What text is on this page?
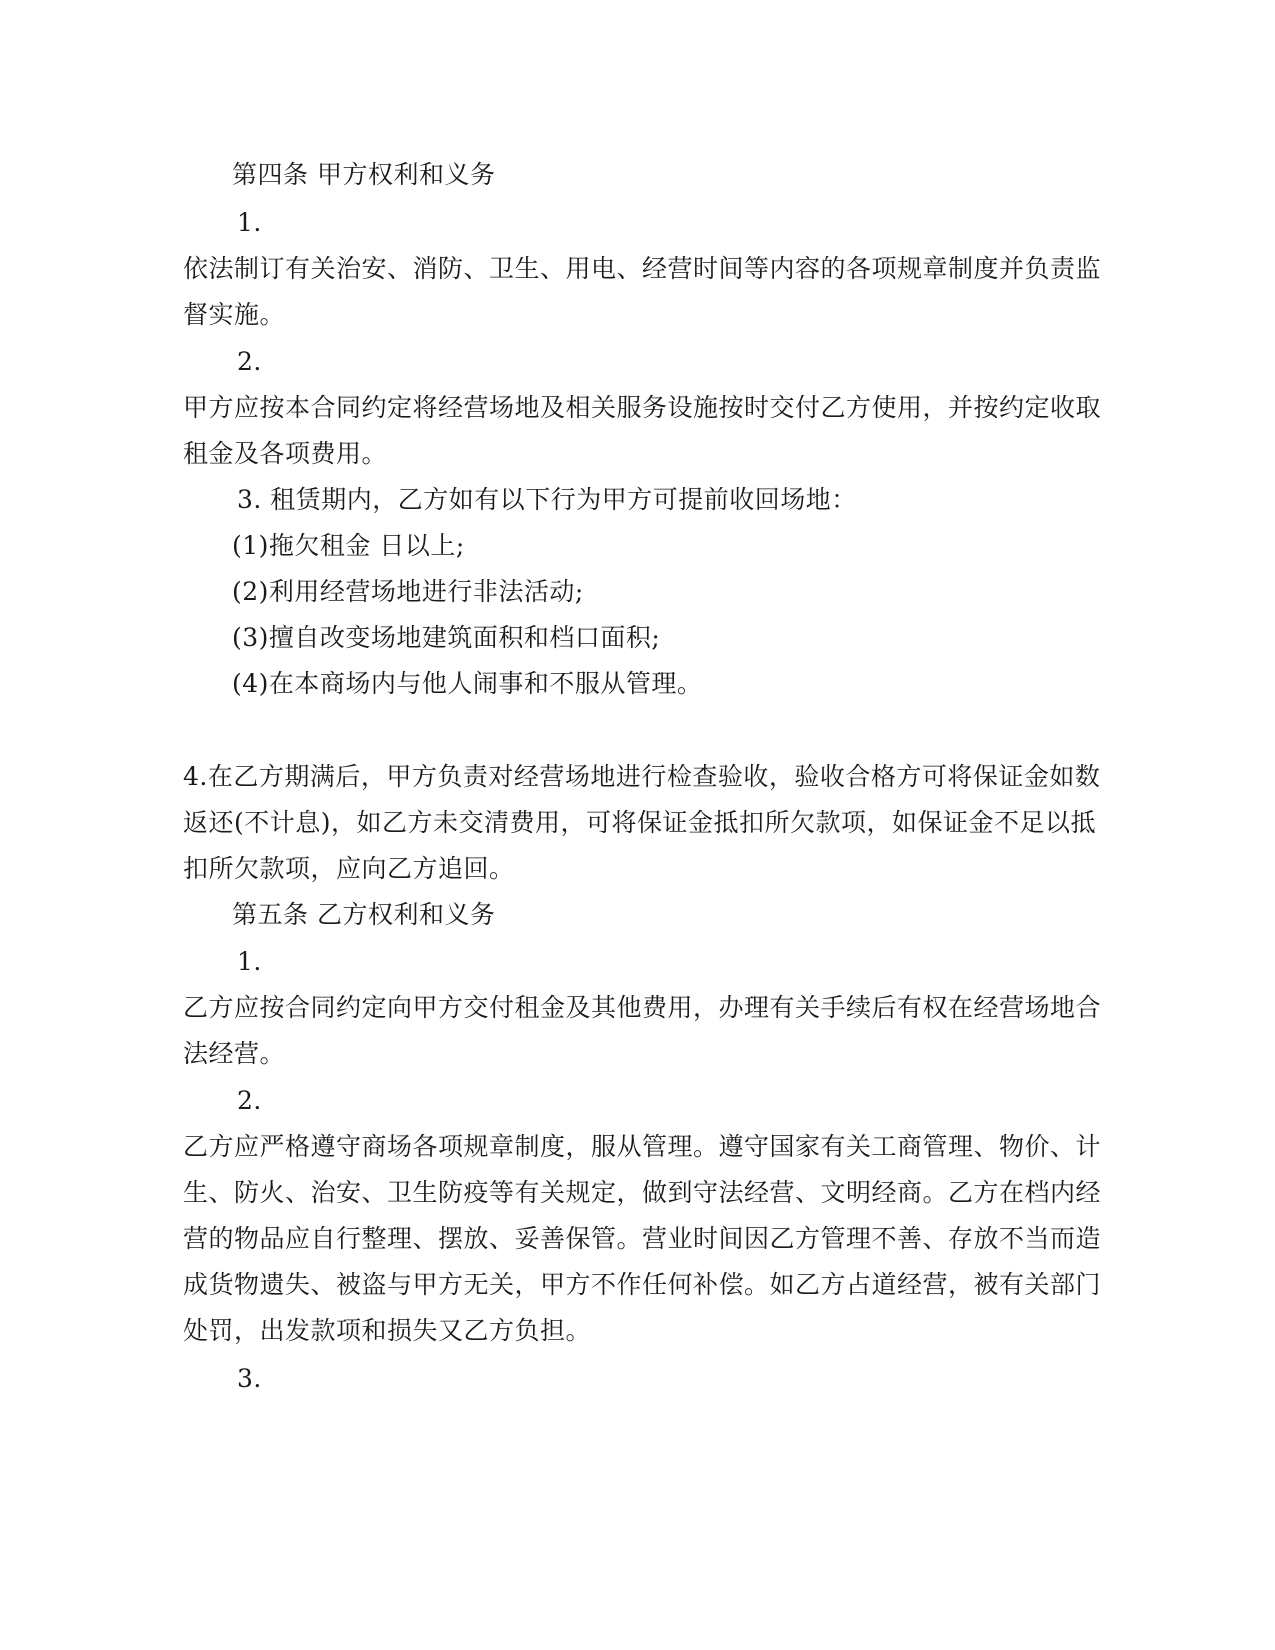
第四条 甲方权利和义务
1.
依法制订有关治安、消防、卫生、用电、经营时间等内容的各项规章制度并负责监
督实施。
2.
甲方应按本合同约定将经营场地及相关服务设施按时交付乙方使用，并按约定收取
租金及各项费用。
3. 租赁期内，乙方如有以下行为甲方可提前收回场地：
(1)拖欠租金 日以上;
(2)利用经营场地进行非法活动;
(3)擅自改变场地建筑面积和档口面积;
(4)在本商场内与他人闹事和不服从管理。
4.在乙方期满后，甲方负责对经营场地进行检查验收，验收合格方可将保证金如数
返还(不计息)，如乙方未交清费用，可将保证金抵扣所欠款项，如保证金不足以抵
扣所欠款项，应向乙方追回。
第五条 乙方权利和义务
1.
乙方应按合同约定向甲方交付租金及其他费用，办理有关手续后有权在经营场地合
法经营。
2.
乙方应严格遵守商场各项规章制度，服从管理。遵守国家有关工商管理、物价、计
生、防火、治安、卫生防疫等有关规定，做到守法经营、文明经商。乙方在档内经
营的物品应自行整理、摆放、妥善保管。营业时间因乙方管理不善、存放不当而造
成货物遗失、被盗与甲方无关，甲方不作任何补偿。如乙方占道经营，被有关部门
处罚，出发款项和损失又乙方负担。
3.
